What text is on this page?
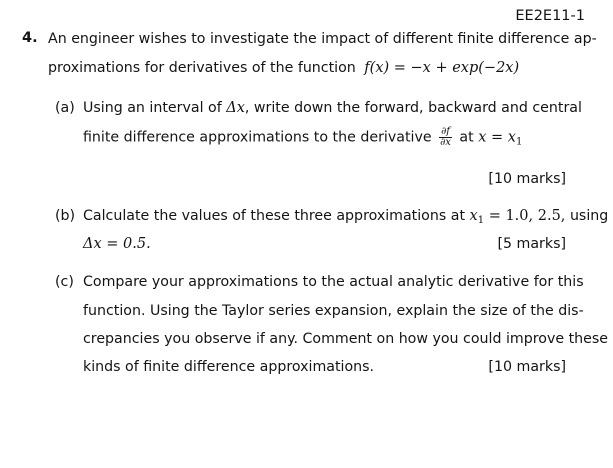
EE2E11-1
4. An engineer wishes to investigate the impact of different finite difference ap-
proximations for derivatives of the function f(x) = −x + exp(−2x)
(a) Using an interval of Δx, write down the forward, backward and central
finite difference approximations to the derivative $\frac{\partial f}{\partial x}$ at $x = x_1$
[10 marks]
(b) Calculate the values of these three approximations at $x_1 = 1.0$, 2.5, using
Δx = 0.5.	[5 marks]
(c) Compare your approximations to the actual analytic derivative for this
function. Using the Taylor series expansion, explain the size of the dis-
crepancies you observe if any. Comment on how you could improve these
kinds of finite difference approximations.	[10 marks]
